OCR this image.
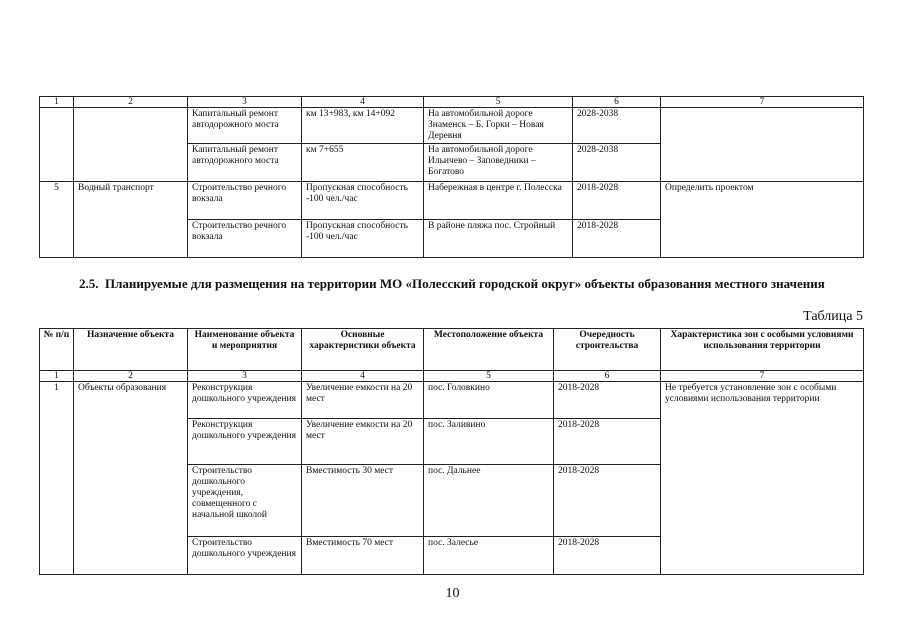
1	2	3	4	5	6	7
		Капитальный ремонт автодорожного моста	км 13+983, км 14+092	На автомобильной дороге Знаменск – Б. Горки – Новая Деревня	2028-2038	
		Капитальный ремонт автодорожного моста	км 7+655	На автомобильной дороге Ильичево – Заповедники – Богатово	2028-2038	
5	Водный транспорт	Строительство речного вокзала	Пропускная способность -100 чел./час	Набережная в центре г. Полесска	2018-2028	Определить проектом
		Строительство речного вокзала	Пропускная способность -100 чел./час	В районе пляжа пос. Стройный	2018-2028	
2.5. Планируемые для размещения на территории МО «Полесский городской округ» объекты образования местного значения
Таблица 5
№ п/п	Назначение объекта	Наименование объекта и мероприятия	Основные характеристики объекта	Местоположение объекта	Очередность строительства	Характеристика зон с особыми условиями использования территории
1	2	3	4	5	6	7
1	Объекты образования	Реконструкция дошкольного учреждения	Увеличение емкости на 20 мест	пос. Головкино	2018-2028	Не требуется установление зон с особыми условиями использования территории
		Реконструкция дошкольного учреждения	Увеличение емкости на 20 мест	пос. Заливино	2018-2028	
		Строительство дошкольного учреждения, совмещенного с начальной школой	Вместимость 30 мест	пос. Дальнее	2018-2028	
		Строительство дошкольного учреждения	Вместимость 70 мест	пос. Залесье	2018-2028	
10
